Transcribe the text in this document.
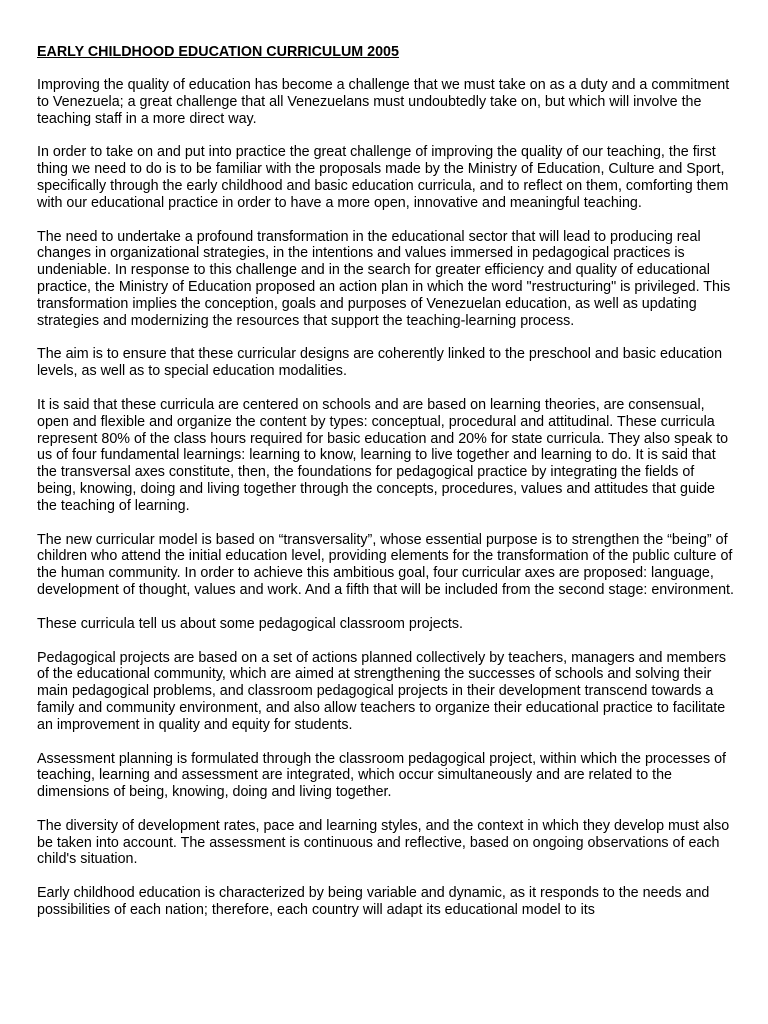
EARLY CHILDHOOD EDUCATION CURRICULUM 2005

Improving the quality of education has become a challenge that we must take on as a duty and a commitment to Venezuela; a great challenge that all Venezuelans must undoubtedly take on, but which will involve the teaching staff in a more direct way.

In order to take on and put into practice the great challenge of improving the quality of our teaching, the first thing we need to do is to be familiar with the proposals made by the Ministry of Education, Culture and Sport, specifically through the early childhood and basic education curricula, and to reflect on them, comforting them with our educational practice in order to have a more open, innovative and meaningful teaching.

The need to undertake a profound transformation in the educational sector that will lead to producing real changes in organizational strategies, in the intentions and values immersed in pedagogical practices is undeniable. In response to this challenge and in the search for greater efficiency and quality of educational practice, the Ministry of Education proposed an action plan in which the word "restructuring" is privileged. This transformation implies the conception, goals and purposes of Venezuelan education, as well as updating strategies and modernizing the resources that support the teaching-learning process.

The aim is to ensure that these curricular designs are coherently linked to the preschool and basic education levels, as well as to special education modalities.

It is said that these curricula are centered on schools and are based on learning theories, are consensual, open and flexible and organize the content by types: conceptual, procedural and attitudinal. These curricula represent 80% of the class hours required for basic education and 20% for state curricula. They also speak to us of four fundamental learnings: learning to know, learning to live together and learning to do. It is said that the transversal axes constitute, then, the foundations for pedagogical practice by integrating the fields of being, knowing, doing and living together through the concepts, procedures, values and attitudes that guide the teaching of learning.

The new curricular model is based on “transversality”, whose essential purpose is to strengthen the “being” of children who attend the initial education level, providing elements for the transformation of the public culture of the human community. In order to achieve this ambitious goal, four curricular axes are proposed: language, development of thought, values and work. And a fifth that will be included from the second stage: environment.

These curricula tell us about some pedagogical classroom projects.

Pedagogical projects are based on a set of actions planned collectively by teachers, managers and members of the educational community, which are aimed at strengthening the successes of schools and solving their main pedagogical problems, and classroom pedagogical projects in their development transcend towards a family and community environment, and also allow teachers to organize their educational practice to facilitate an improvement in quality and equity for students.

Assessment planning is formulated through the classroom pedagogical project, within which the processes of teaching, learning and assessment are integrated, which occur simultaneously and are related to the dimensions of being, knowing, doing and living together.

The diversity of development rates, pace and learning styles, and the context in which they develop must also be taken into account. The assessment is continuous and reflective, based on ongoing observations of each child's situation.

Early childhood education is characterized by being variable and dynamic, as it responds to the needs and possibilities of each nation; therefore, each country will adapt its educational model to its
